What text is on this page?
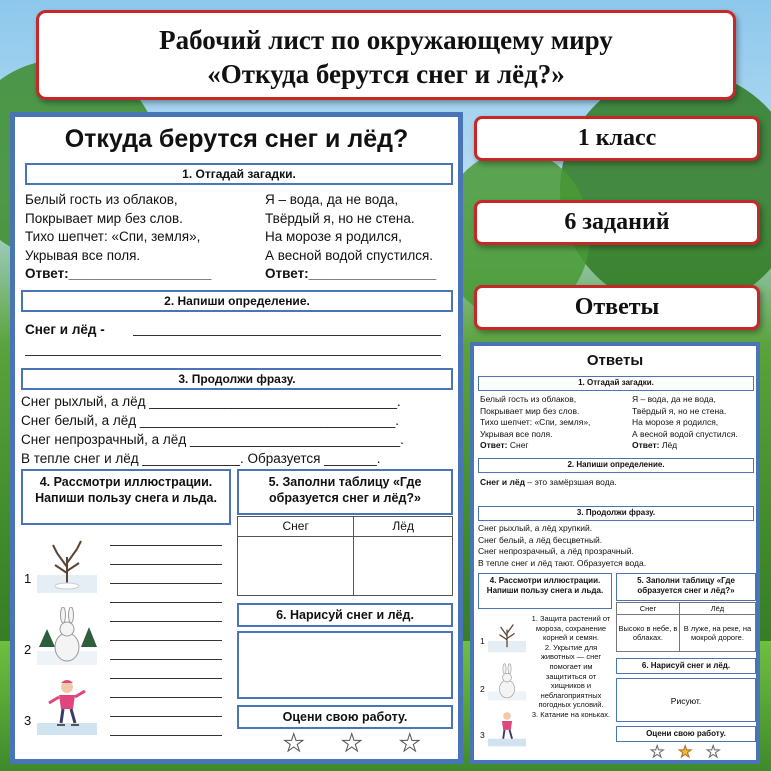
Рабочий лист по окружающему миру
«Откуда берутся снег и лёд?»
1 класс
6 заданий
Ответы
Откуда берутся снег и лёд?
1. Отгадай загадки.
Белый гость из облаков,
Покрывает мир без слов.
Тихо шепчет: «Спи, земля»,
Укрывая все поля.
Ответ:___________________
Я – вода, да не вода,
Твёрдый я, но не стена.
На морозе я родился,
А весной водой спустился.
Ответ:_________________
2. Напиши определение.
Снег и лёд -
3. Продолжи фразу.
Снег рыхлый, а лёд _________________________________.
Снег белый, а лёд __________________________________.
Снег непрозрачный, а лёд ____________________________.
В тепле снег и лёд _____________. Образуется _______.
4. Рассмотри иллюстрации. Напиши пользу снега и льда.
1
2
3
5. Заполни таблицу «Где образуется снег и лёд?»
Снег	Лёд

6. Нарисуй снег и лёд.
Оцени свою работу.
★ ★ ★
Ответы
1. Отгадай загадки.
Белый гость из облаков,
Покрывает мир без слов.
Тихо шепчет: «Спи, земля»,
Укрывая все поля.
Ответ: Снег
Я – вода, да не вода,
Твёрдый я, но не стена.
На морозе я родился,
А весной водой спустился.
Ответ: Лёд
2. Напиши определение.
Снег и лёд – это замёрзшая вода.
3. Продолжи фразу.
Снег рыхлый, а лёд хрупкий.
Снег белый, а лёд бесцветный.
Снег непрозрачный, а лёд прозрачный.
В тепле снег и лёд тают. Образуется вода.
4. Рассмотри иллюстрации. Напиши пользу снега и льда.
1
2
3
1. Защита растений от мороза, сохранение корней и семян.
2. Укрытие для животных — снег помогает им защититься от хищников и неблагоприятных погодных условий.
3. Катание на коньках.
5. Заполни таблицу «Где образуется снег и лёд?»
Снег	Лёд
Высоко в небе, в облаках.	В луже, на реке, на мокрой дороге.
6. Нарисуй снег и лёд.
Рисуют.
Оцени свою работу.
★ ★ ★
